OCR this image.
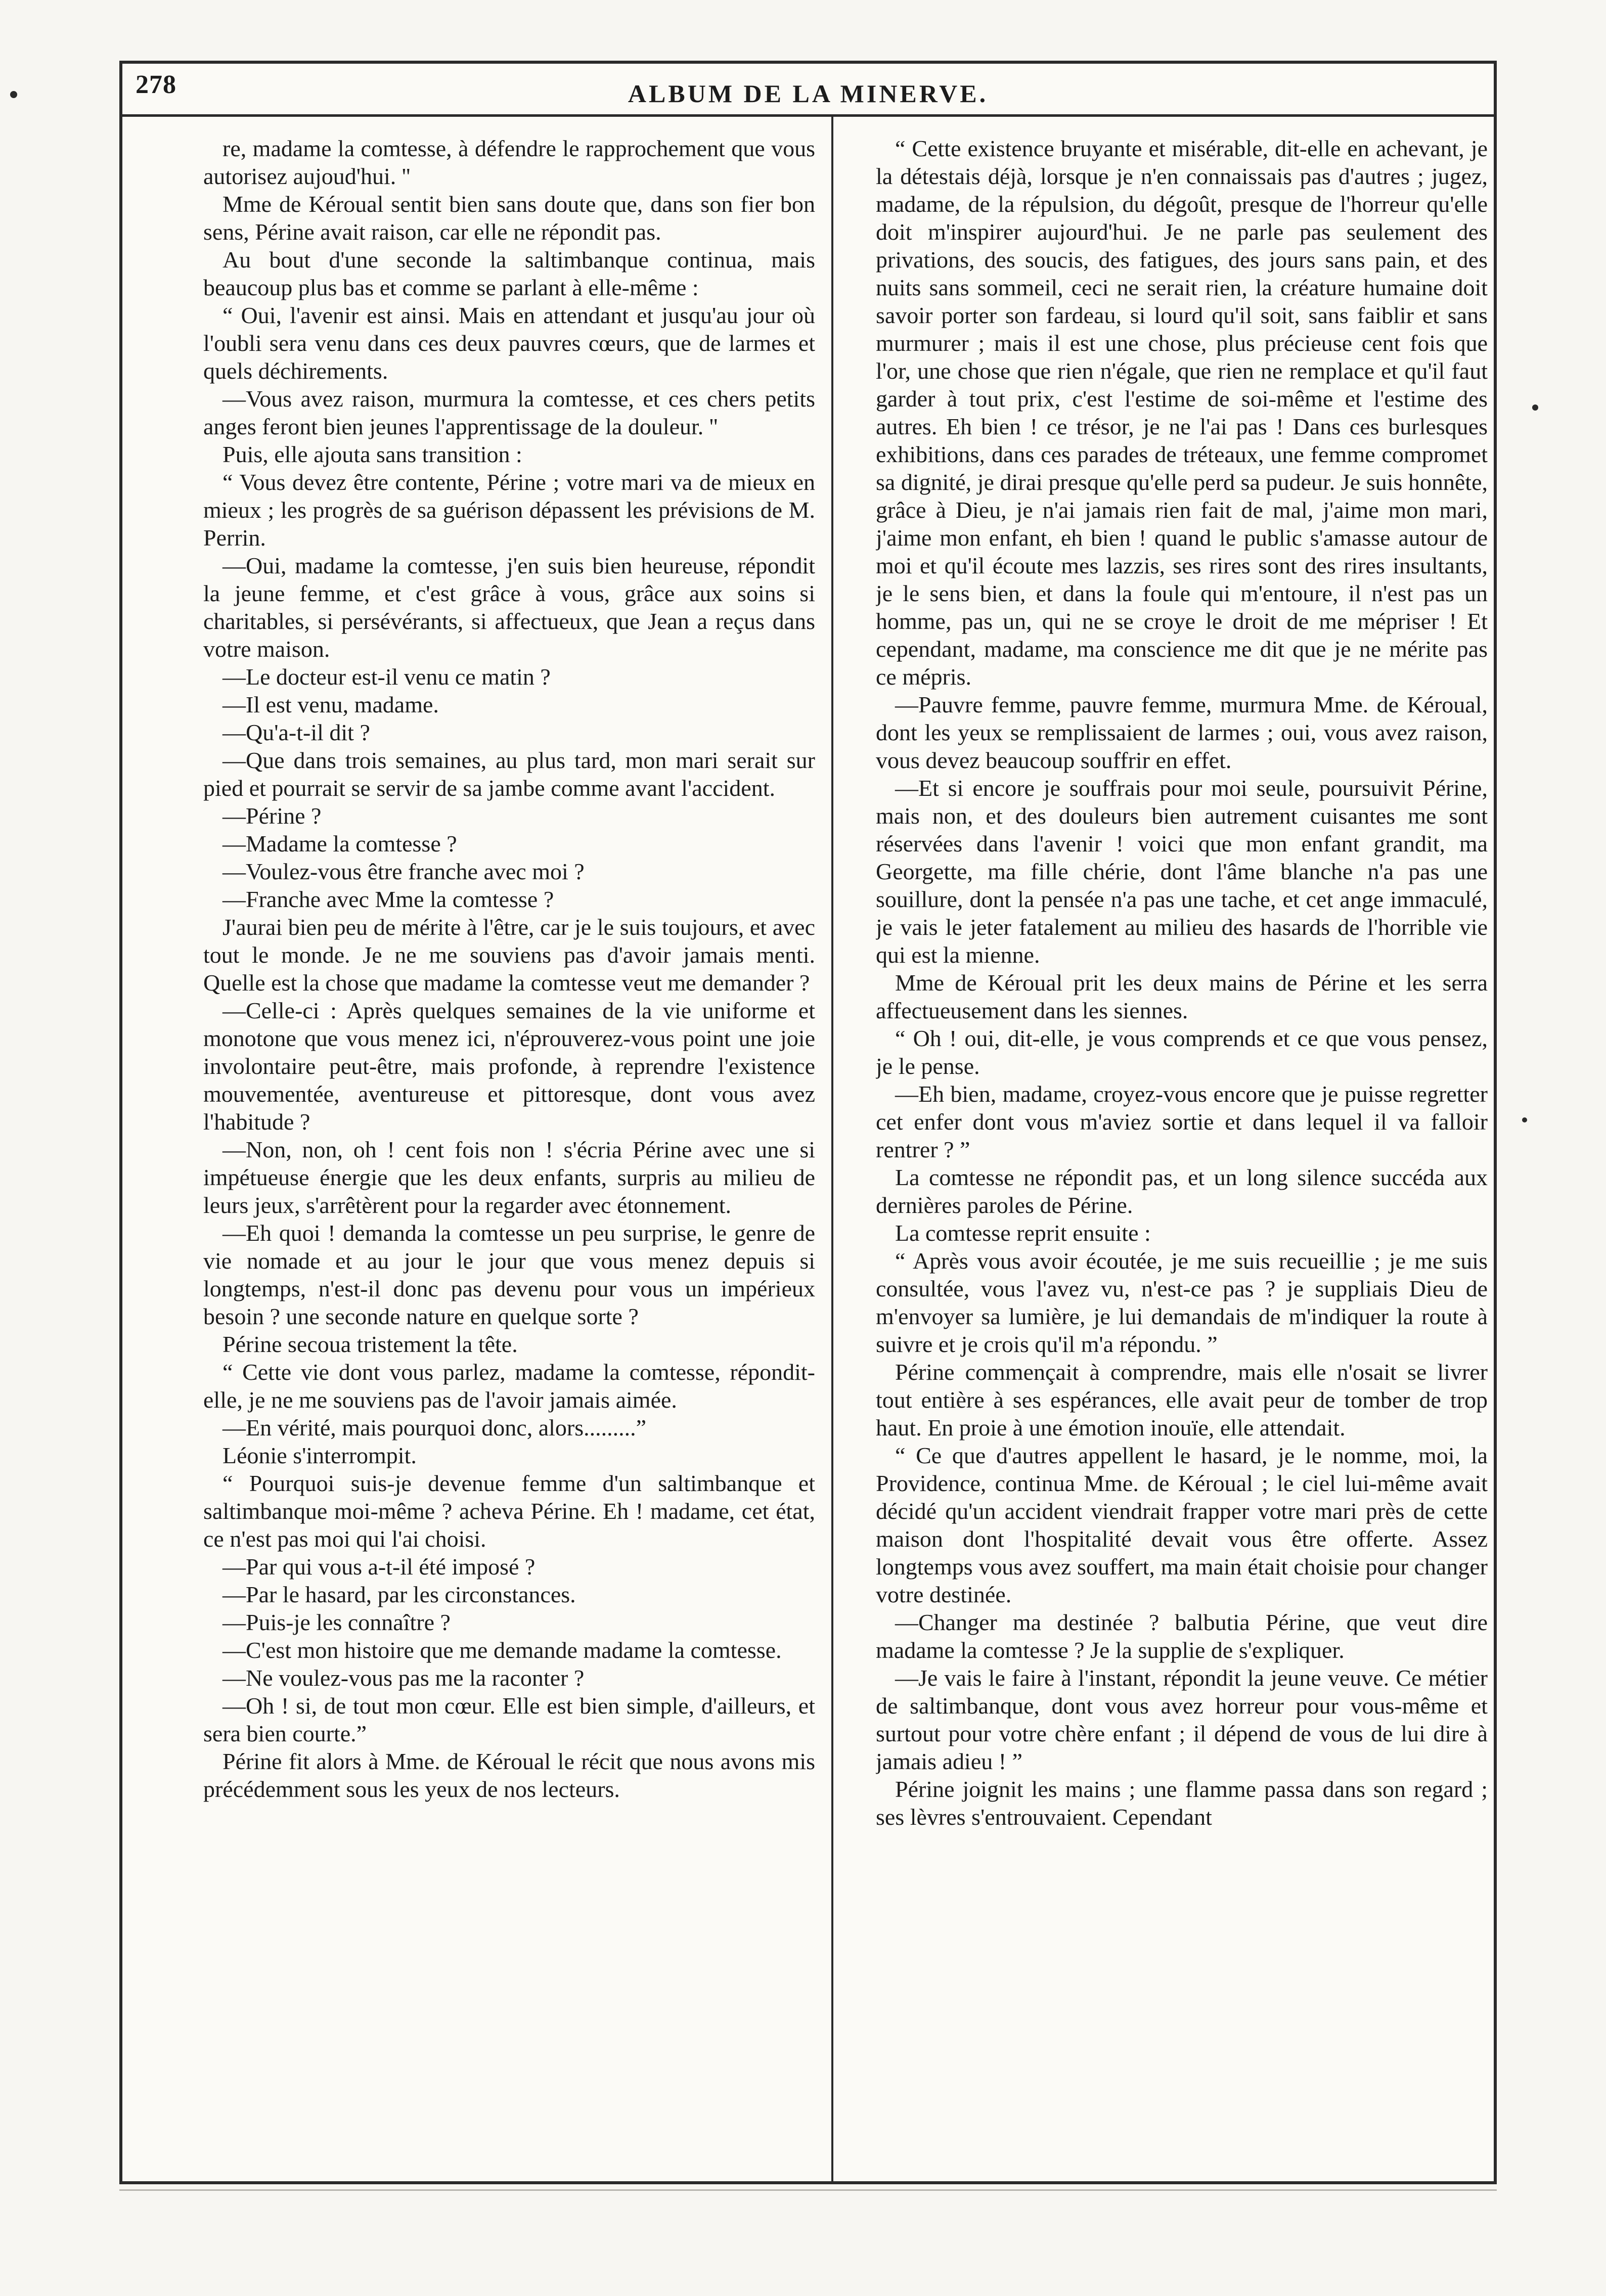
278	ALBUM DE LA MINERVE.

re, madame la comtesse, à défendre le rapprochement que vous autorisez aujoud'hui. ''

Mme de Kéroual sentit bien sans doute que, dans son fier bon sens, Périne avait raison, car elle ne répondit pas.

Au bout d'une seconde la saltimbanque continua, mais beaucoup plus bas et comme se parlant à elle-même :

“ Oui, l'avenir est ainsi. Mais en attendant et jusqu'au jour où l'oubli sera venu dans ces deux pauvres cœurs, que de larmes et quels déchirements.

—Vous avez raison, murmura la comtesse, et ces chers petits anges feront bien jeunes l'apprentissage de la douleur. ''

Puis, elle ajouta sans transition :

“ Vous devez être contente, Périne ; votre mari va de mieux en mieux ; les progrès de sa guérison dépassent les prévisions de M. Perrin.

—Oui, madame la comtesse, j'en suis bien heureuse, répondit la jeune femme, et c'est grâce à vous, grâce aux soins si charitables, si persévérants, si affectueux, que Jean a reçus dans votre maison.

—Le docteur est-il venu ce matin ?

—Il est venu, madame.

—Qu'a-t-il dit ?

—Que dans trois semaines, au plus tard, mon mari serait sur pied et pourrait se servir de sa jambe comme avant l'accident.

—Périne ?

—Madame la comtesse ?

—Voulez-vous être franche avec moi ?

—Franche avec Mme la comtesse ?

J'aurai bien peu de mérite à l'être, car je le suis toujours, et avec tout le monde. Je ne me souviens pas d'avoir jamais menti. Quelle est la chose que madame la comtesse veut me demander ?

—Celle-ci : Après quelques semaines de la vie uniforme et monotone que vous menez ici, n'éprouverez-vous point une joie involontaire peut-être, mais profonde, à reprendre l'existence mouvementée, aventureuse et pittoresque, dont vous avez l'habitude ?

—Non, non, oh ! cent fois non ! s'écria Périne avec une si impétueuse énergie que les deux enfants, surpris au milieu de leurs jeux, s'arrêtèrent pour la regarder avec étonnement.

—Eh quoi ! demanda la comtesse un peu surprise, le genre de vie nomade et au jour le jour que vous menez depuis si longtemps, n'est-il donc pas devenu pour vous un impérieux besoin ? une seconde nature en quelque sorte ?

Périne secoua tristement la tête.

“ Cette vie dont vous parlez, madame la comtesse, répondit-elle, je ne me souviens pas de l'avoir jamais aimée.

—En vérité, mais pourquoi donc, alors.........”

Léonie s'interrompit.

“ Pourquoi suis-je devenue femme d'un saltimbanque et saltimbanque moi-même ? acheva Périne. Eh ! madame, cet état, ce n'est pas moi qui l'ai choisi.

—Par qui vous a-t-il été imposé ?

—Par le hasard, par les circonstances.

—Puis-je les connaître ?

—C'est mon histoire que me demande madame la comtesse.

—Ne voulez-vous pas me la raconter ?

—Oh ! si, de tout mon cœur. Elle est bien simple, d'ailleurs, et sera bien courte.”

Périne fit alors à Mme. de Kéroual le récit que nous avons mis précédemment sous les yeux de nos lecteurs.

“ Cette existence bruyante et misérable, dit-elle en achevant, je la détestais déjà, lorsque je n'en connaissais pas d'autres ; jugez, madame, de la répulsion, du dégoût, presque de l'horreur qu'elle doit m'inspirer aujourd'hui. Je ne parle pas seulement des privations, des soucis, des fatigues, des jours sans pain, et des nuits sans sommeil, ceci ne serait rien, la créature humaine doit savoir porter son fardeau, si lourd qu'il soit, sans faiblir et sans murmurer ; mais il est une chose, plus précieuse cent fois que l'or, une chose que rien n'égale, que rien ne remplace et qu'il faut garder à tout prix, c'est l'estime de soi-même et l'estime des autres. Eh bien ! ce trésor, je ne l'ai pas ! Dans ces burlesques exhibitions, dans ces parades de tréteaux, une femme compromet sa dignité, je dirai presque qu'elle perd sa pudeur. Je suis honnête, grâce à Dieu, je n'ai jamais rien fait de mal, j'aime mon mari, j'aime mon enfant, eh bien ! quand le public s'amasse autour de moi et qu'il écoute mes lazzis, ses rires sont des rires insultants, je le sens bien, et dans la foule qui m'entoure, il n'est pas un homme, pas un, qui ne se croye le droit de me mépriser ! Et cependant, madame, ma conscience me dit que je ne mérite pas ce mépris.

—Pauvre femme, pauvre femme, murmura Mme. de Kéroual, dont les yeux se remplissaient de larmes ; oui, vous avez raison, vous devez beaucoup souffrir en effet.

—Et si encore je souffrais pour moi seule, poursuivit Périne, mais non, et des douleurs bien autrement cuisantes me sont réservées dans l'avenir ! voici que mon enfant grandit, ma Georgette, ma fille chérie, dont l'âme blanche n'a pas une souillure, dont la pensée n'a pas une tache, et cet ange immaculé, je vais le jeter fatalement au milieu des hasards de l'horrible vie qui est la mienne.

Mme de Kéroual prit les deux mains de Périne et les serra affectueusement dans les siennes.

“ Oh ! oui, dit-elle, je vous comprends et ce que vous pensez, je le pense.

—Eh bien, madame, croyez-vous encore que je puisse regretter cet enfer dont vous m'aviez sortie et dans lequel il va falloir rentrer ? ”

La comtesse ne répondit pas, et un long silence succéda aux dernières paroles de Périne.

La comtesse reprit ensuite :

“ Après vous avoir écoutée, je me suis recueillie ; je me suis consultée, vous l'avez vu, n'est-ce pas ? je suppliais Dieu de m'envoyer sa lumière, je lui demandais de m'indiquer la route à suivre et je crois qu'il m'a répondu. ”

Périne commençait à comprendre, mais elle n'osait se livrer tout entière à ses espérances, elle avait peur de tomber de trop haut. En proie à une émotion inouïe, elle attendait.

“ Ce que d'autres appellent le hasard, je le nomme, moi, la Providence, continua Mme. de Kéroual ; le ciel lui-même avait décidé qu'un accident viendrait frapper votre mari près de cette maison dont l'hospitalité devait vous être offerte. Assez longtemps vous avez souffert, ma main était choisie pour changer votre destinée.

—Changer ma destinée ? balbutia Périne, que veut dire madame la comtesse ? Je la supplie de s'expliquer.

—Je vais le faire à l'instant, répondit la jeune veuve. Ce métier de saltimbanque, dont vous avez horreur pour vous-même et surtout pour votre chère enfant ; il dépend de vous de lui dire à jamais adieu ! ”

Périne joignit les mains ; une flamme passa dans son regard ; ses lèvres s'entrouvaient. Cependant
